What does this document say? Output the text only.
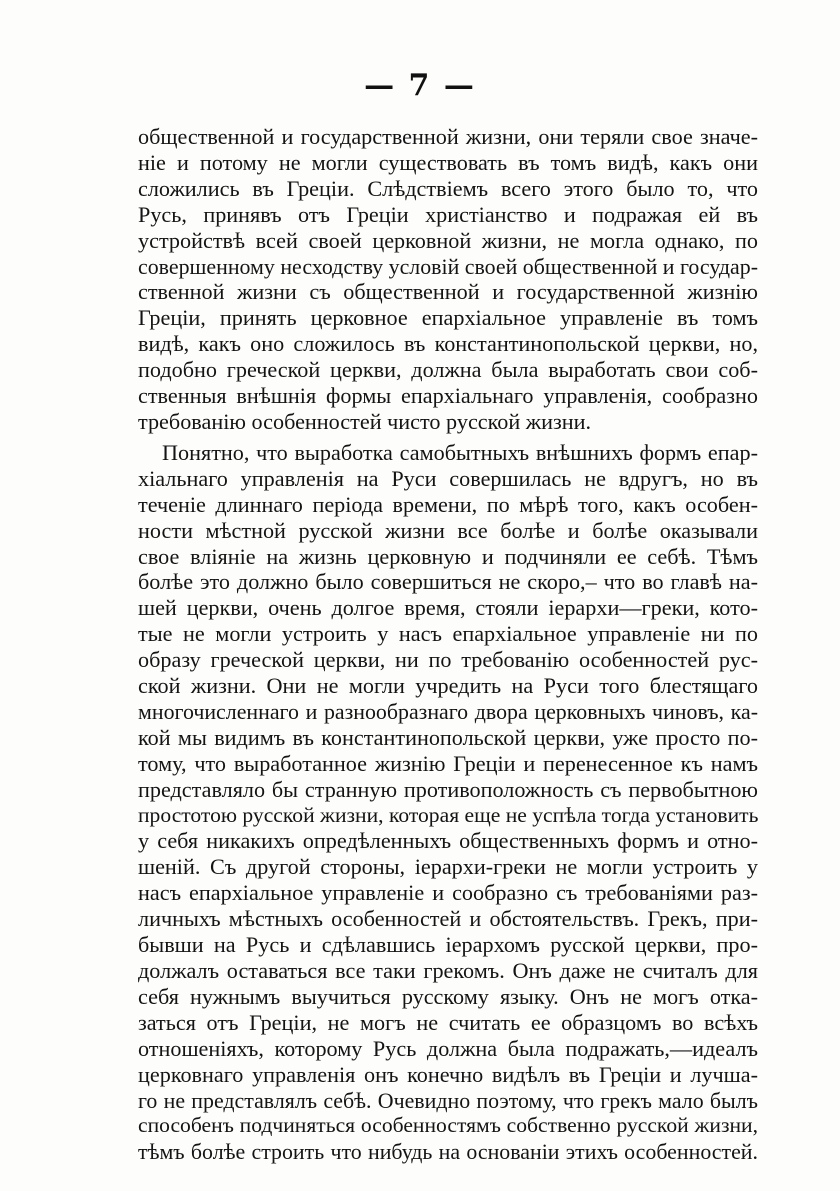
— 7 —
общественной и государственной жизни, они теряли свое значе-
ніе и потому не могли существовать въ томъ видѣ, какъ они
сложились въ Греціи. Слѣдствіемъ всего этого было то, что
Русь, принявъ отъ Греціи христіанство и подражая ей въ
устройствѣ всей своей церковной жизни, не могла однако, по
совершенному несходству условій своей общественной и государ-
ственной жизни съ общественной и государственной жизнію
Греціи, принять церковное епархіальное управленіе въ томъ
видѣ, какъ оно сложилось въ константинопольской церкви, но,
подобно греческой церкви, должна была выработать свои соб-
ственныя внѣшнія формы епархіальнаго управленія, сообразно
требованію особенностей чисто русской жизни.
Понятно, что выработка самобытныхъ внѣшнихъ формъ епар-
хіальнаго управленія на Руси совершилась не вдругъ, но въ
теченіе длиннаго періода времени, по мѣрѣ того, какъ особен-
ности мѣстной русской жизни все болѣе и болѣе оказывали
свое вліяніе на жизнь церковную и подчиняли ее себѣ. Тѣмъ
болѣе это должно было совершиться не скоро,– что во главѣ на-
шей церкви, очень долгое время, стояли іерархи—греки, кото-
тые не могли устроить у насъ епархіальное управленіе ни по
образу греческой церкви, ни по требованію особенностей рус-
ской жизни. Они не могли учредить на Руси того блестящаго
многочисленнаго и разнообразнаго двора церковныхъ чиновъ, ка-
кой мы видимъ въ константинопольской церкви, уже просто по-
тому, что выработанное жизнію Греціи и перенесенное къ намъ
представляло бы странную противоположность съ первобытною
простотою русской жизни, которая еще не успѣла тогда установить
у себя никакихъ опредѣленныхъ общественныхъ формъ и отно-
шеній. Съ другой стороны, іерархи-греки не могли устроить у
насъ епархіальное управленіе и сообразно съ требованіями раз-
личныхъ мѣстныхъ особенностей и обстоятельствъ. Грекъ, при-
бывши на Русь и сдѣлавшись іерархомъ русской церкви, про-
должалъ оставаться все таки грекомъ. Онъ даже не считалъ для
себя нужнымъ выучиться русскому языку. Онъ не могъ отка-
заться отъ Греціи, не могъ не считать ее образцомъ во всѣхъ
отношеніяхъ, которому Русь должна была подражать,—идеалъ
церковнаго управленія онъ конечно видѣлъ въ Греціи и лучша-
го не представлялъ себѣ. Очевидно поэтому, что грекъ мало былъ
способенъ подчиняться особенностямъ собственно русской жизни,
тѣмъ болѣе строить что нибудь на основаніи этихъ особенностей.
